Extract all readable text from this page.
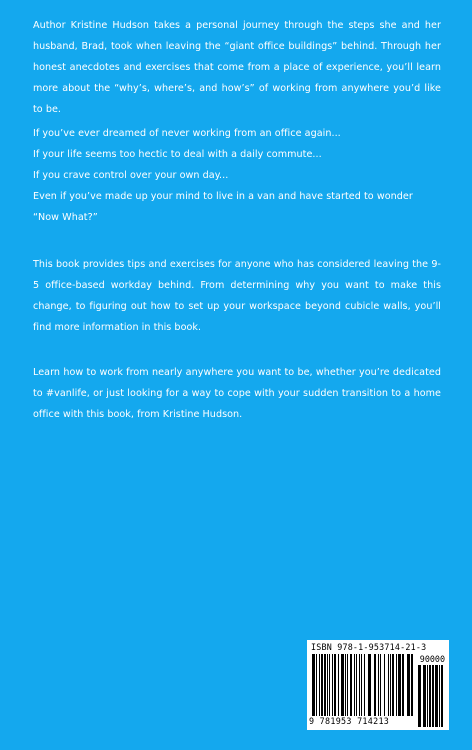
Author Kristine Hudson takes a personal journey through the steps she and her husband, Brad, took when leaving the “giant office buildings” behind. Through her honest anecdotes and exercises that come from a place of experience, you’ll learn more about the “why’s, where’s, and how’s” of working from anywhere you’d like to be.
If you’ve ever dreamed of never working from an office again...
If your life seems too hectic to deal with a daily commute...
If you crave control over your own day...
Even if you’ve made up your mind to live in a van and have started to wonder “Now What?”
This book provides tips and exercises for anyone who has considered leaving the 9-5 office-based workday behind. From determining why you want to make this change, to figuring out how to set up your workspace beyond cubicle walls, you’ll find more information in this book.
Learn how to work from nearly anywhere you want to be, whether you’re dedicated to #vanlife, or just looking for a way to cope with your sudden transition to a home office with this book, from Kristine Hudson.
ISBN 978-1-953714-21-3
90000
9 781953 714213
